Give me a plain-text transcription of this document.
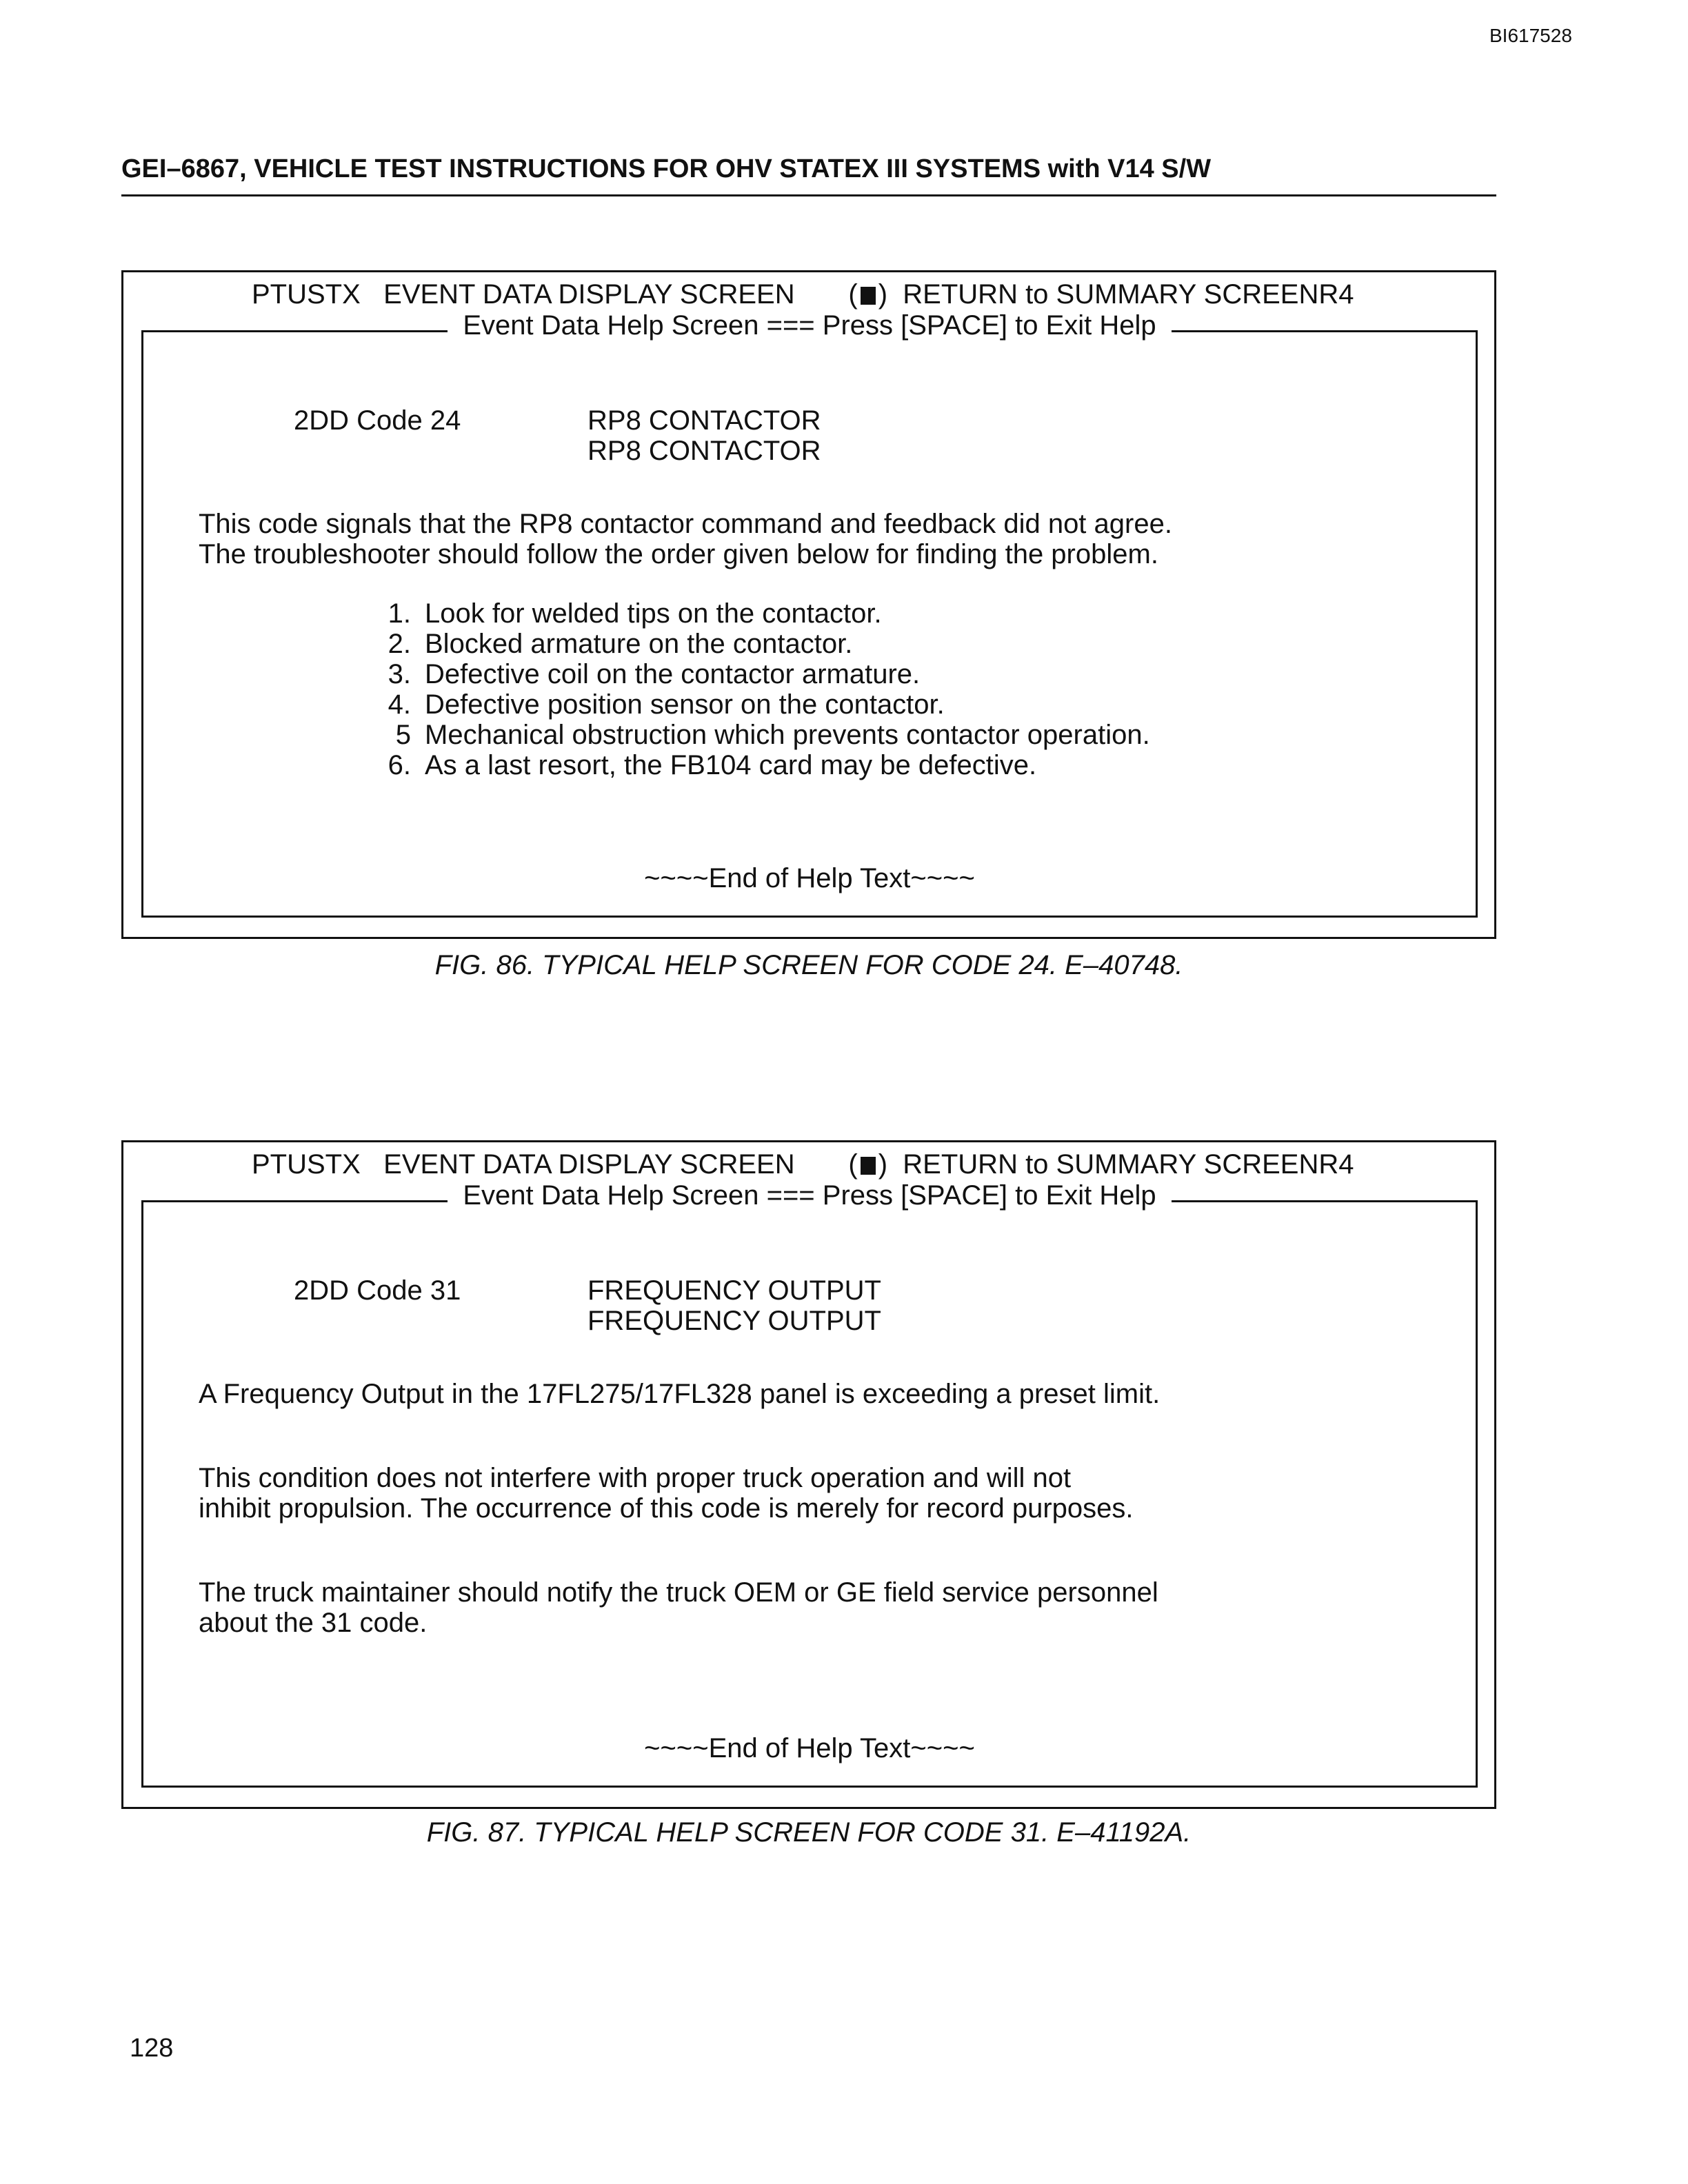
BI617528
GEI–6867, VEHICLE TEST INSTRUCTIONS FOR OHV STATEX III SYSTEMS with V14 S/W
PTUSTX   EVENT DATA DISPLAY SCREEN       ( )  RETURN to SUMMARY SCREENR4
Event Data Help Screen === Press [SPACE] to Exit Help
2DD Code 24	RP8 CONTACTOR
RP8 CONTACTOR
This code signals that the RP8 contactor command and feedback did not agree.
The troubleshooter should follow the order given below for finding the problem.
1. Look for welded tips on the contactor.
2. Blocked armature on the contactor.
3. Defective coil on the contactor armature.
4. Defective position sensor on the contactor.
5 Mechanical obstruction which prevents contactor operation.
6. As a last resort, the FB104 card may be defective.
~~~~End of Help Text~~~~
FIG. 86. TYPICAL HELP SCREEN FOR CODE 24. E–40748.
PTUSTX   EVENT DATA DISPLAY SCREEN       ( )  RETURN to SUMMARY SCREENR4
Event Data Help Screen === Press [SPACE] to Exit Help
2DD Code 31	FREQUENCY OUTPUT
FREQUENCY OUTPUT
A Frequency Output in the 17FL275/17FL328 panel is exceeding a preset limit.
This condition does not interfere with proper truck operation and will not
inhibit propulsion. The occurrence of this code is merely for record purposes.
The truck maintainer should notify the truck OEM or GE field service personnel
about the 31 code.
~~~~End of Help Text~~~~
FIG. 87. TYPICAL HELP SCREEN FOR CODE 31. E–41192A.
128
